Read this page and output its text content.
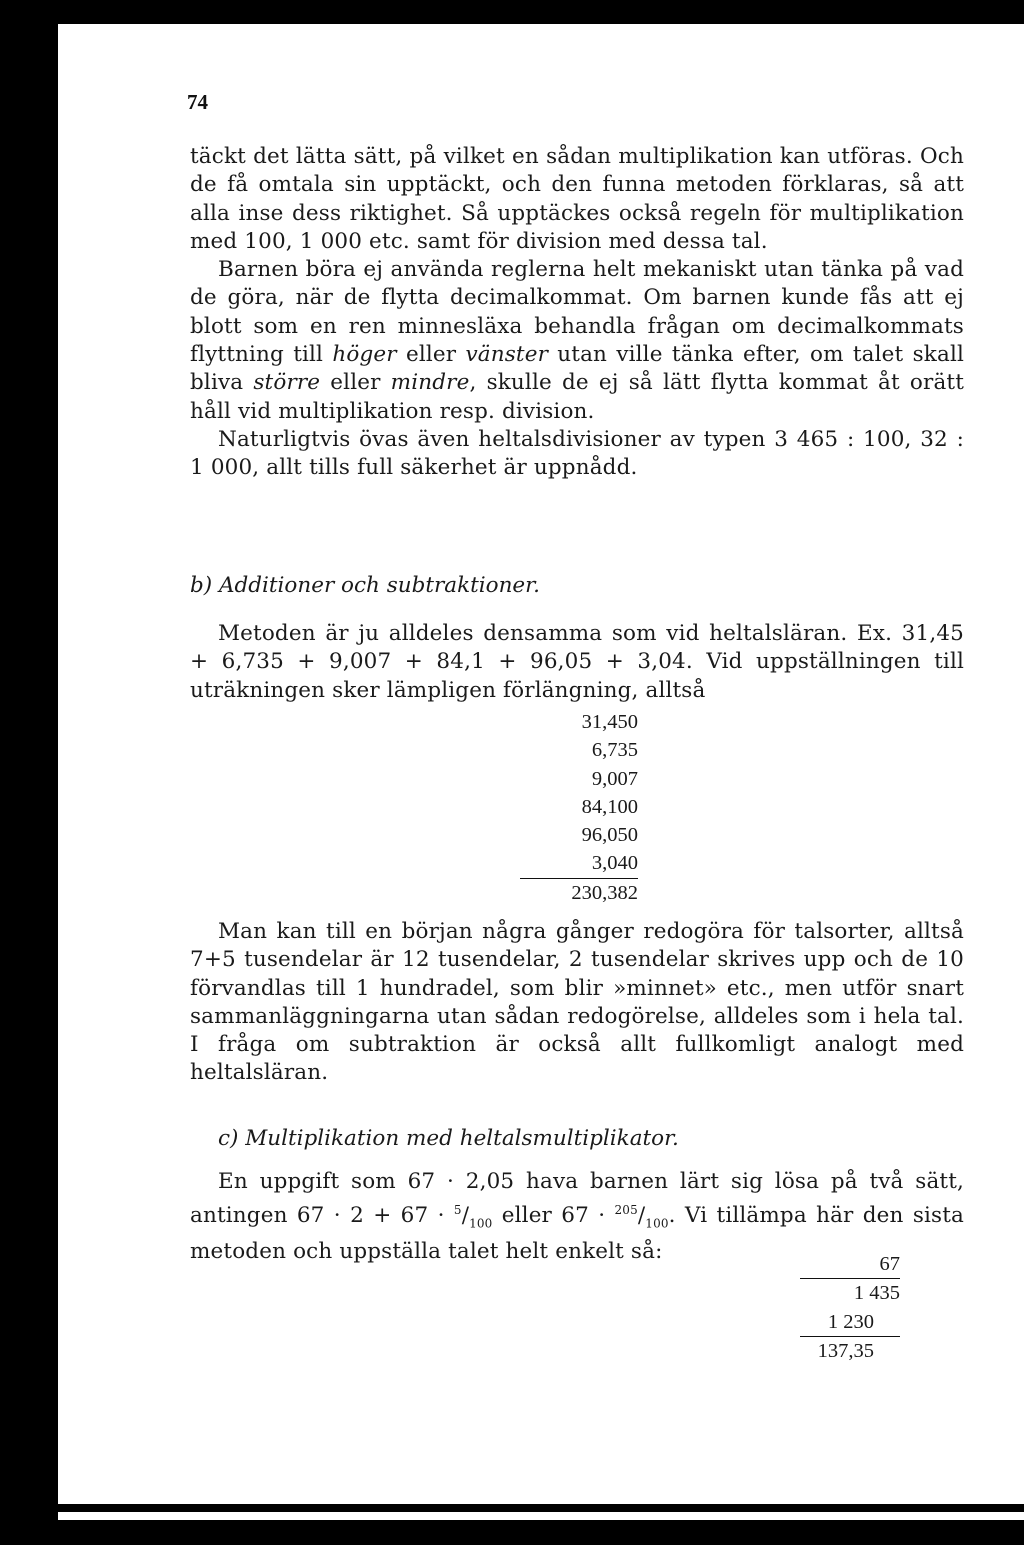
74

täckt det lätta sätt, på vilket en sådan multiplikation kan utföras. Och de få omtala sin upptäckt, och den funna metoden förklaras, så att alla inse dess riktighet. Så upptäckes också regeln för multiplikation med 100, 1 000 etc. samt för division med dessa tal.

Barnen böra ej använda reglerna helt mekaniskt utan tänka på vad de göra, när de flytta decimalkommat. Om barnen kunde fås att ej blott som en ren minnesläxa behandla frågan om decimalkommats flyttning till höger eller vänster utan ville tänka efter, om talet skall bliva större eller mindre, skulle de ej så lätt flytta kommat åt orätt håll vid multiplikation resp. division.

Naturligtvis övas även heltalsdivisioner av typen 3 465 : 100, 32 : 1 000, allt tills full säkerhet är uppnådd.

b) Additioner och subtraktioner.

Metoden är ju alldeles densamma som vid heltalsläran. Ex. 31,45 + 6,735 + 9,007 + 84,1 + 96,05 + 3,04. Vid uppställningen till uträkningen sker lämpligen förlängning, alltså

31,450
6,735
9,007
84,100
96,050
3,040
230,382

Man kan till en början några gånger redogöra för talsorter, alltså 7+5 tusendelar är 12 tusendelar, 2 tusendelar skrives upp och de 10 förvandlas till 1 hundradel, som blir »minnet» etc., men utför snart sammanläggningarna utan sådan redogörelse, alldeles som i hela tal. I fråga om subtraktion är också allt fullkomligt analogt med heltalsläran.

c) Multiplikation med heltalsmultiplikator.

En uppgift som 67 · 2,05 hava barnen lärt sig lösa på två sätt, antingen $67 \cdot 2 + 67 \cdot ^5/_{100}$ eller $67 \cdot ^{205}/_{100}$. Vi tillämpa här den sista metoden och uppställa talet helt enkelt så:	67
1 435
1 230
137,35
